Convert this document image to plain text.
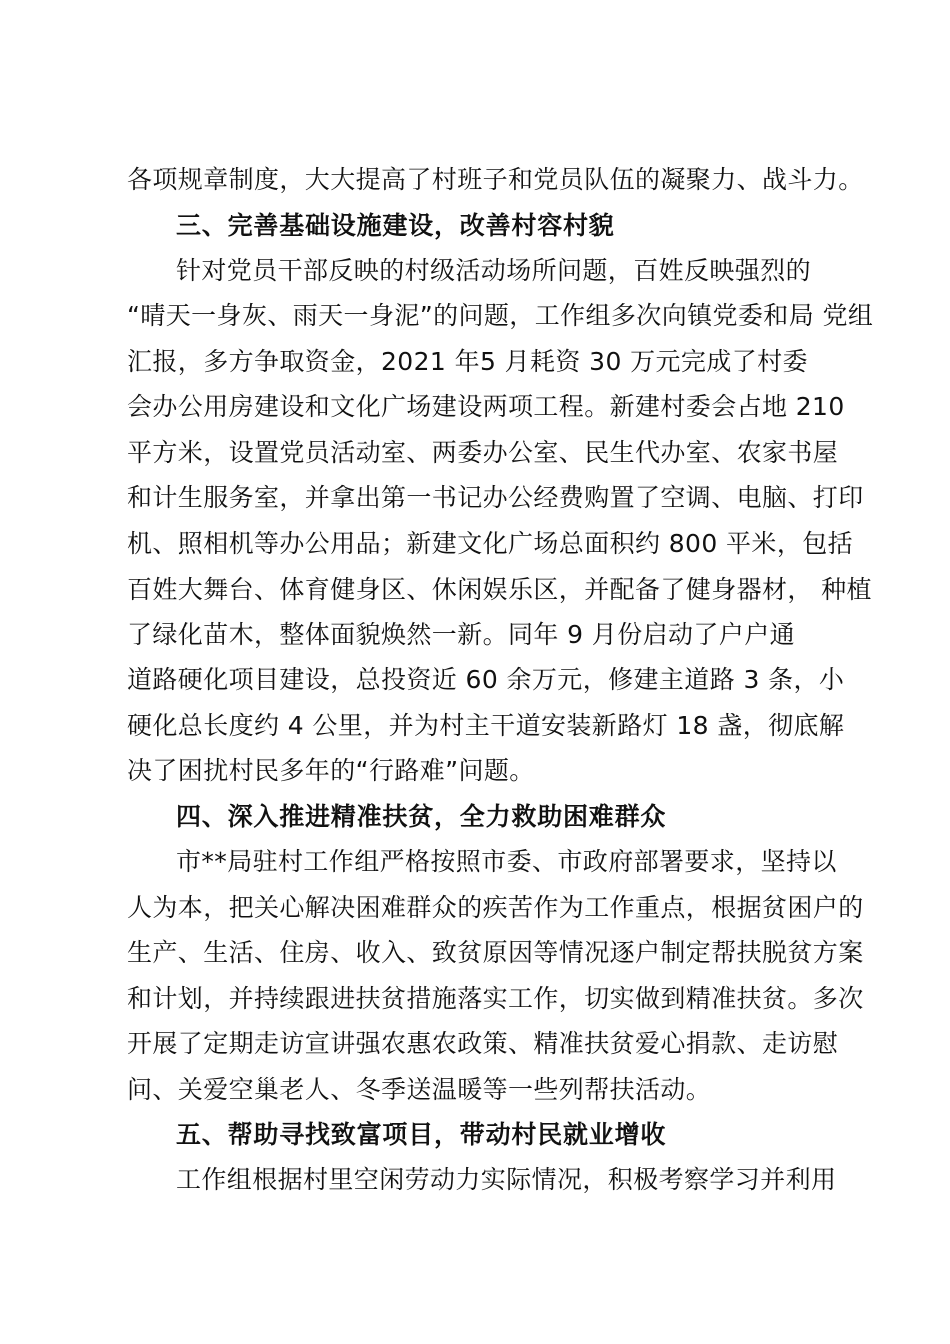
各项规章制度，大大提高了村班子和党员队伍的凝聚力、战斗力。
三、完善基础设施建设，改善村容村貌
针对党员干部反映的村级活动场所问题，百姓反映强烈的
“晴天一身灰、雨天一身泥”的问题，工作组多次向镇党委和局 党组
汇报，多方争取资金，2021 年5 月耗资 30 万元完成了村委
会办公用房建设和文化广场建设两项工程。新建村委会占地 210
平方米，设置党员活动室、两委办公室、民生代办室、农家书屋
和计生服务室，并拿出第一书记办公经费购置了空调、电脑、打印
机、照相机等办公用品；新建文化广场总面积约 800 平米，包括
百姓大舞台、体育健身区、休闲娱乐区，并配备了健身器材， 种植
了绿化苗木，整体面貌焕然一新。同年 9 月份启动了户户通
道路硬化项目建设，总投资近 60 余万元，修建主道路 3 条，小
硬化总长度约 4 公里，并为村主干道安装新路灯 18 盏，彻底解
决了困扰村民多年的“行路难”问题。
四、深入推进精准扶贫，全力救助困难群众
市**局驻村工作组严格按照市委、市政府部署要求，坚持以
人为本，把关心解决困难群众的疾苦作为工作重点，根据贫困户的
生产、生活、住房、收入、致贫原因等情况逐户制定帮扶脱贫方案
和计划，并持续跟进扶贫措施落实工作，切实做到精准扶贫。多次
开展了定期走访宣讲强农惠农政策、精准扶贫爱心捐款、走访慰
问、关爱空巢老人、冬季送温暖等一些列帮扶活动。
五、帮助寻找致富项目，带动村民就业增收
工作组根据村里空闲劳动力实际情况，积极考察学习并利用
